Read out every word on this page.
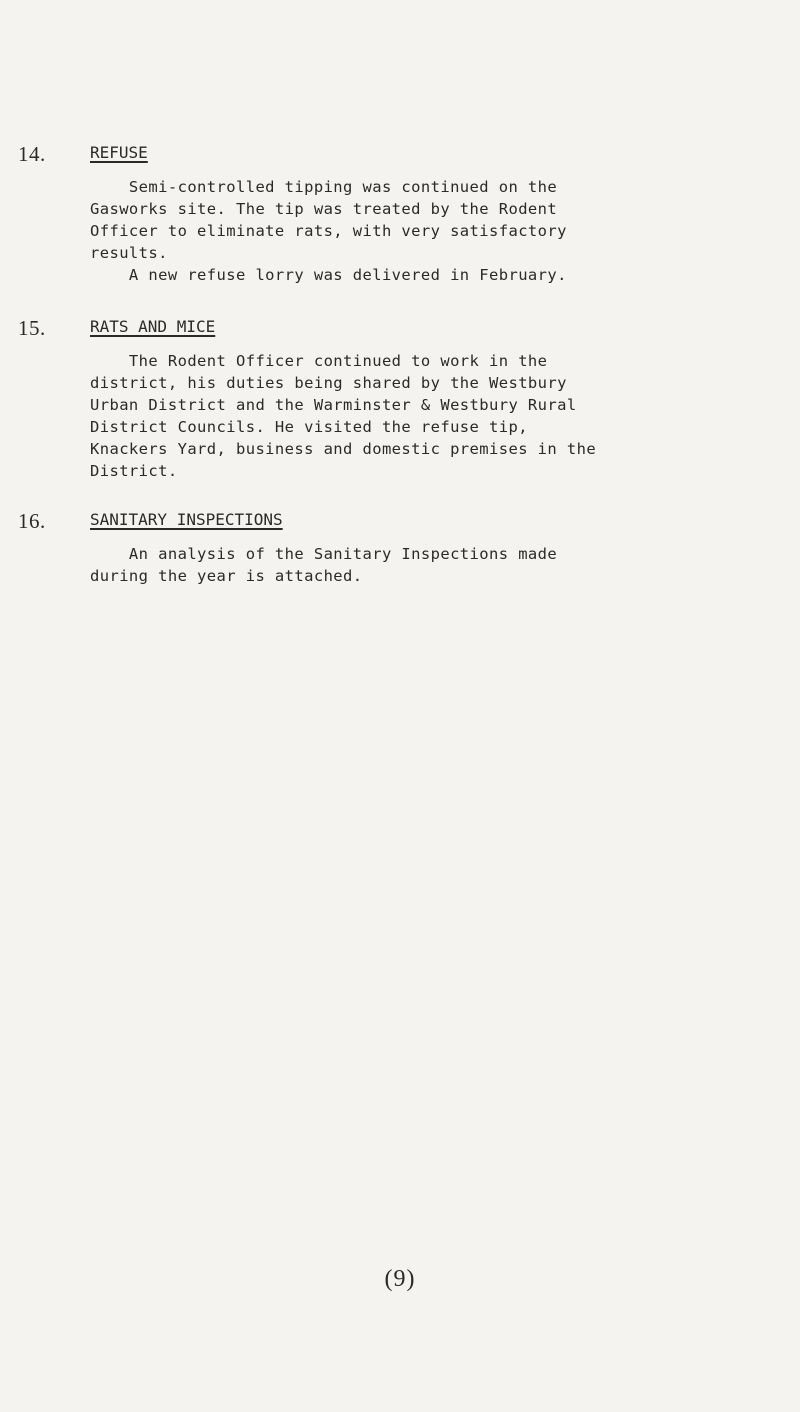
14.	REFUSE
Semi-controlled tipping was continued on the
Gasworks site. The tip was treated by the Rodent
Officer to eliminate rats, with very satisfactory
results.
A new refuse lorry was delivered in February.
15.	RATS AND MICE
The Rodent Officer continued to work in the
district, his duties being shared by the Westbury
Urban District and the Warminster & Westbury Rural
District Councils. He visited the refuse tip,
Knackers Yard, business and domestic premises in the
District.
16.	SANITARY INSPECTIONS
An analysis of the Sanitary Inspections made
during the year is attached.
(9)
